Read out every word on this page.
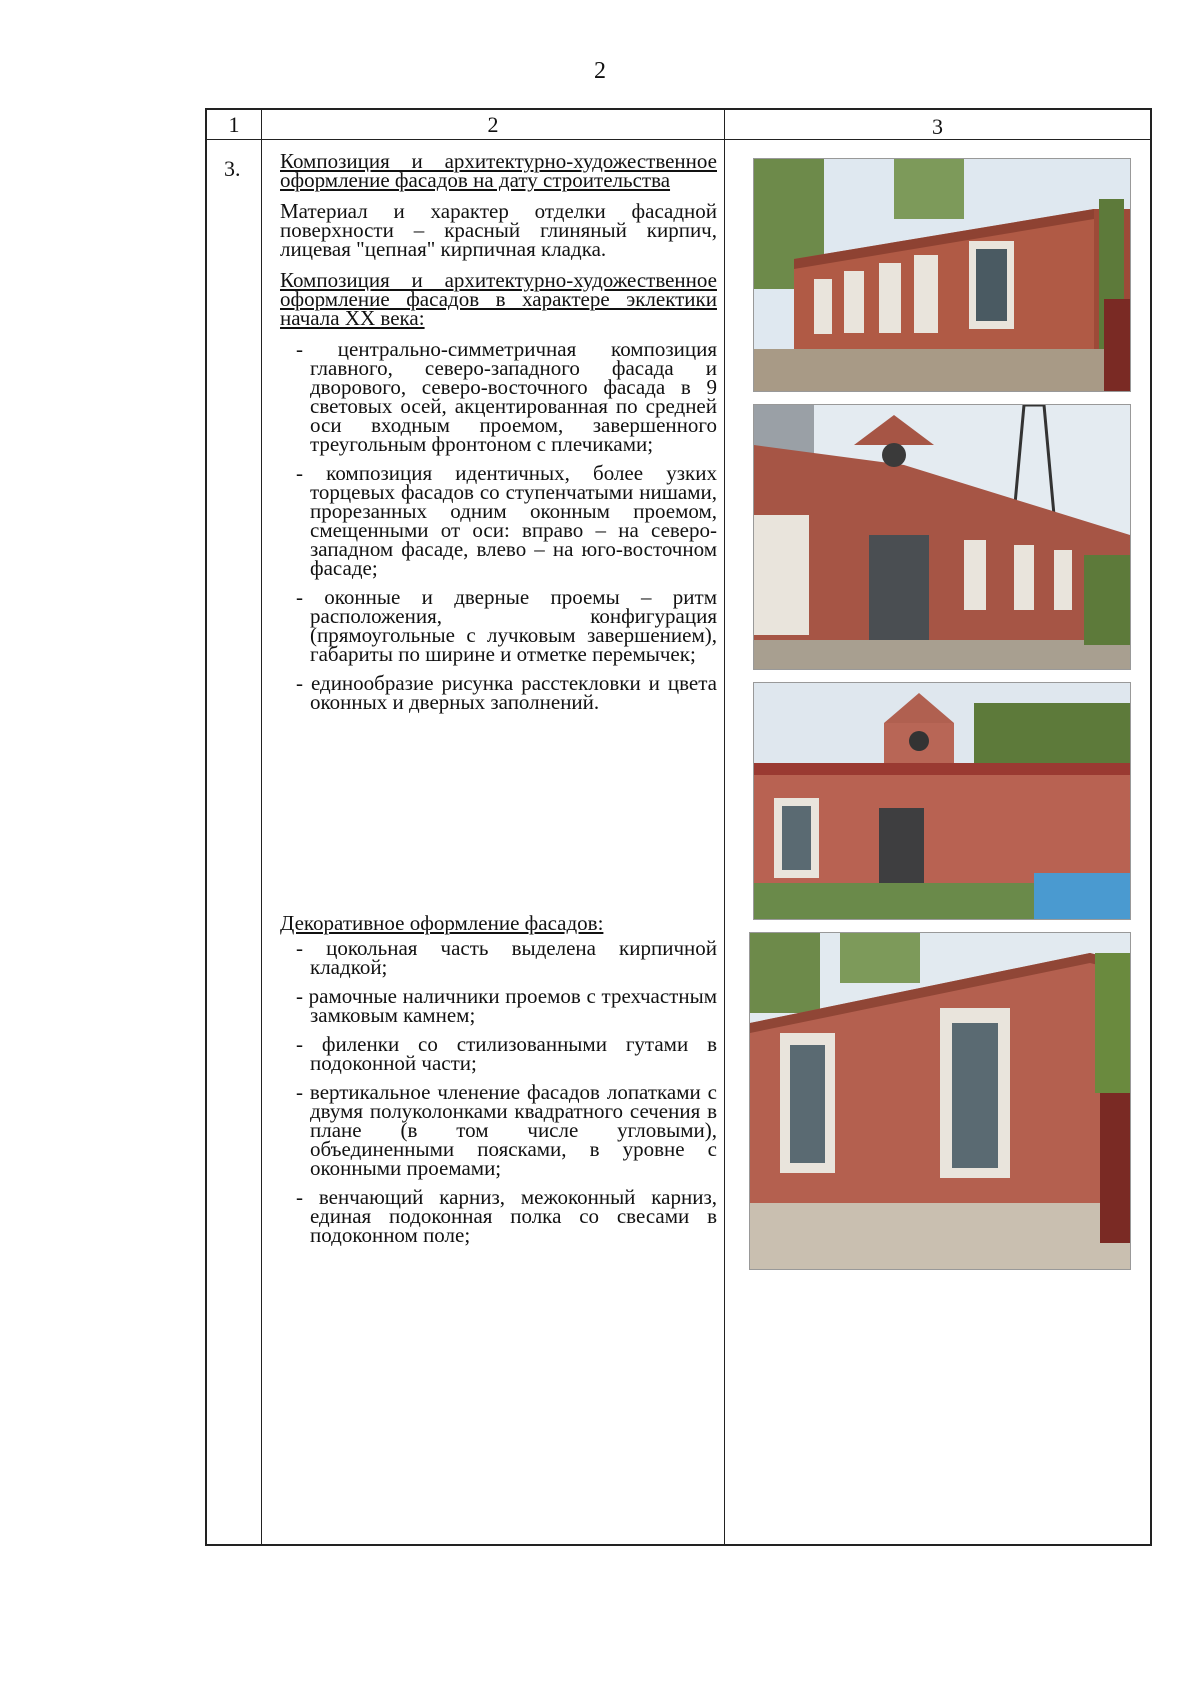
2
1	2	3
3. Композиция и архитектурно-художественное оформление фасадов на дату строительства

Материал и характер отделки фасадной поверхности – красный глиняный кирпич, лицевая "цепная" кирпичная кладка.

Композиция и архитектурно-художественное оформление фасадов в характере эклектики начала XX века:
- центрально-симметричная композиция главного, северо-западного фасада и дворового, северо-восточного фасада в 9 световых осей, акцентированная по средней оси входным проемом, завершенного треугольным фронтоном с плечиками;
- композиция идентичных, более узких торцевых фасадов со ступенчатыми нишами, прорезанных одним оконным проемом, смещенными от оси: вправо – на северо-западном фасаде, влево – на юго-восточном фасаде;
- оконные и дверные проемы – ритм расположения, конфигурация (прямоугольные с лучковым завершением), габариты по ширине и отметке перемычек;
- единообразие рисунка расстекловки и цвета оконных и дверных заполнений.
Декоративное оформление фасадов:
- цокольная часть выделена кирпичной кладкой;
- рамочные наличники проемов с трехчастным замковым камнем;
- филенки со стилизованными гутами в подоконной части;
- вертикальное членение фасадов лопатками с двумя полуколонками квадратного сечения в плане (в том числе угловыми), объединенными поясками, в уровне с оконными проемами;
- венчающий карниз, межоконный карниз, единая подоконная полка со свесами в подоконном поле;
